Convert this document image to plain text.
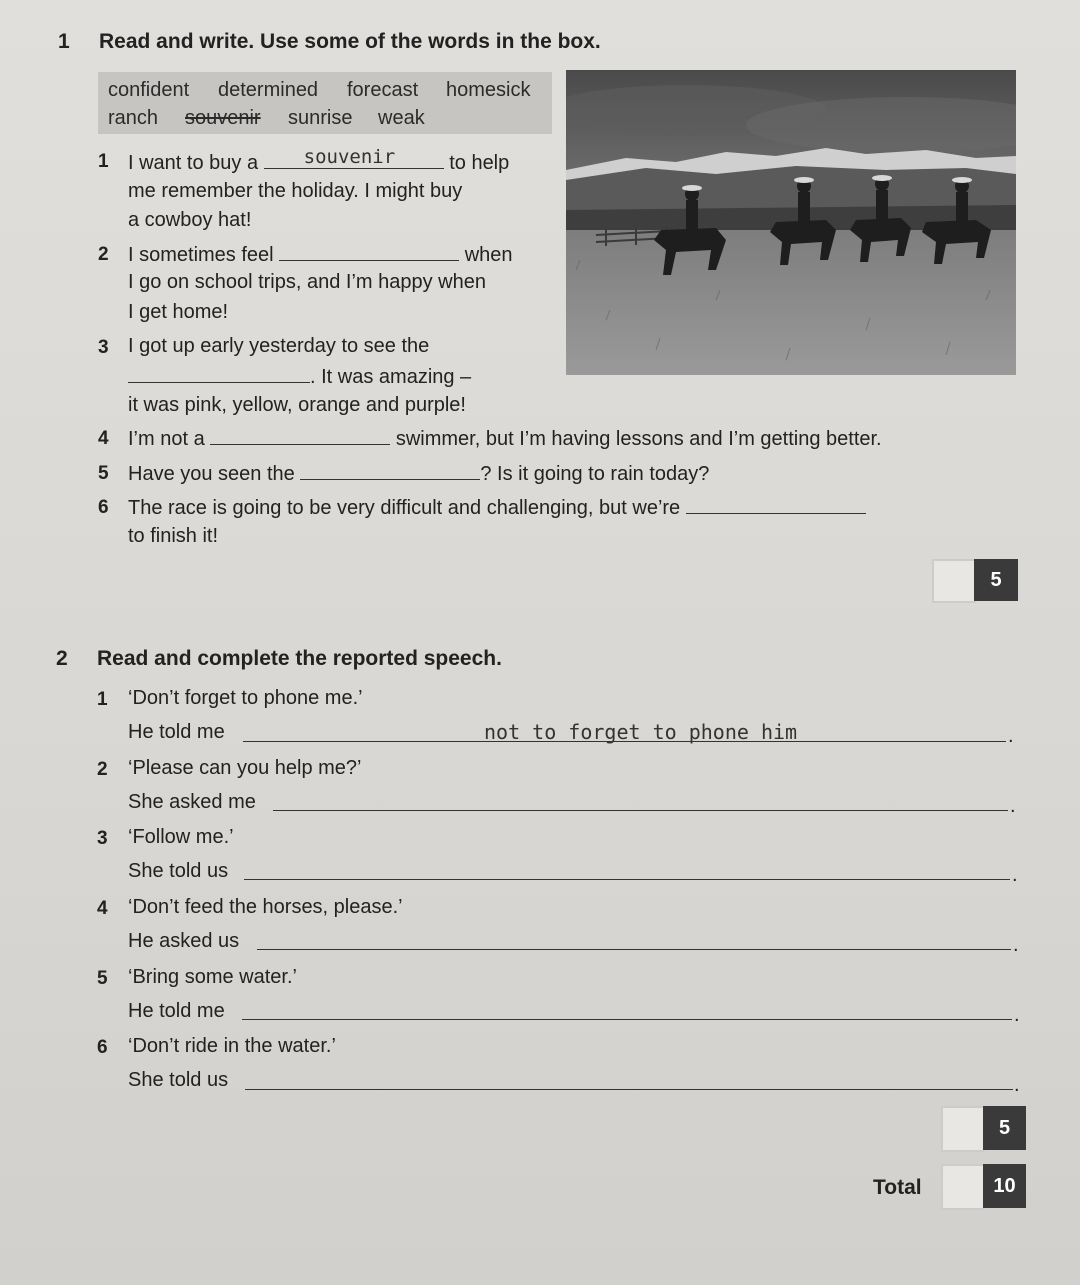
1 Read and write. Use some of the words in the box.
confident determined forecast homesick
ranch souvenir sunrise weak
1 I want to buy a souvenir	to help
me remember the holiday. I might buy
a cowboy hat!
2 I sometimes feel	when
I go on school trips, and I’m happy when
I get home!
3 I got up early yesterday to see the
. It was amazing –
it was pink, yellow, orange and purple!
4 I’m not a	swimmer, but I’m having lessons and I’m getting better.
5 Have you seen the	? Is it going to rain today?
6 The race is going to be very difficult and challenging, but we’re
to finish it!
5
2 Read and complete the reported speech.
1 ‘Don’t forget to phone me.’
He told me	not to forget to phone him	.
2 ‘Please can you help me?’
She asked me	.
3 ‘Follow me.’
She told us	.
4 ‘Don’t feed the horses, please.’
He asked us	.
5 ‘Bring some water.’
He told me	.
6 ‘Don’t ride in the water.’
She told us	.
5
Total	10
